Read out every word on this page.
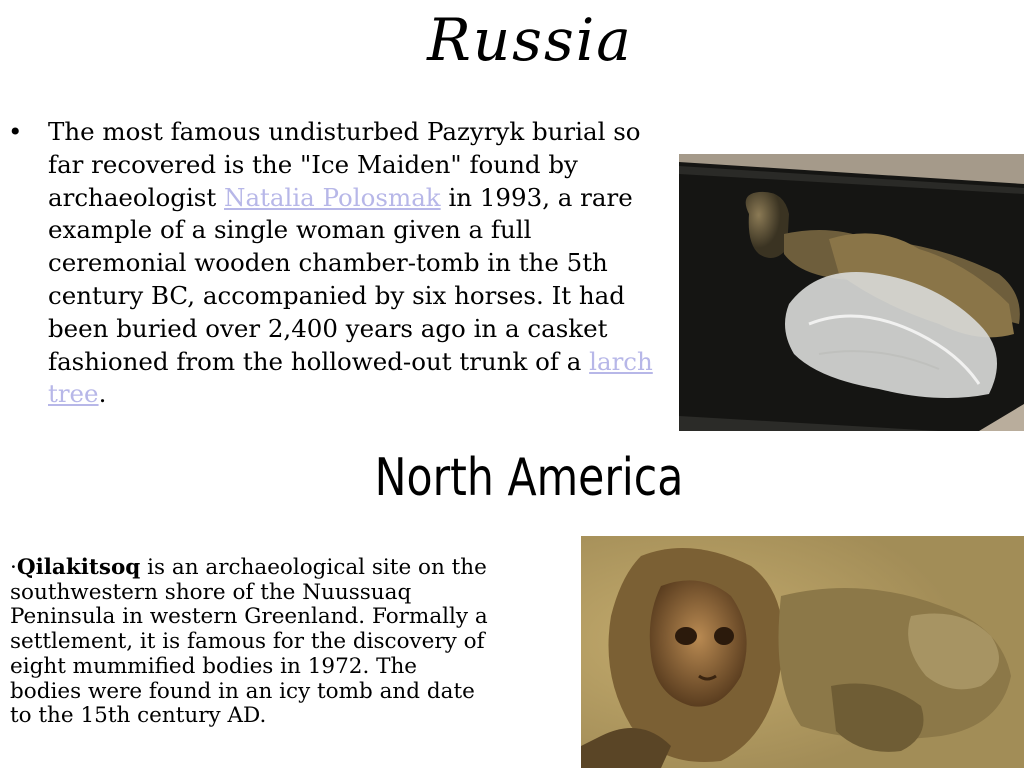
Russia
• The most famous undisturbed Pazyryk burial so far recovered is the "Ice Maiden" found by archaeologist Natalia Polosmak in 1993, a rare example of a single woman given a full ceremonial wooden chamber-tomb in the 5th century BC, accompanied by six horses. It had been buried over 2,400 years ago in a casket fashioned from the hollowed-out trunk of a larch tree.
North America
·Qilakitsoq is an archaeological site on the
southwestern shore of the Nuussuaq
Peninsula in western Greenland. Formally a
settlement, it is famous for the discovery of
eight mummified bodies in 1972. The
bodies were found in an icy tomb and date
to the 15th century AD.
